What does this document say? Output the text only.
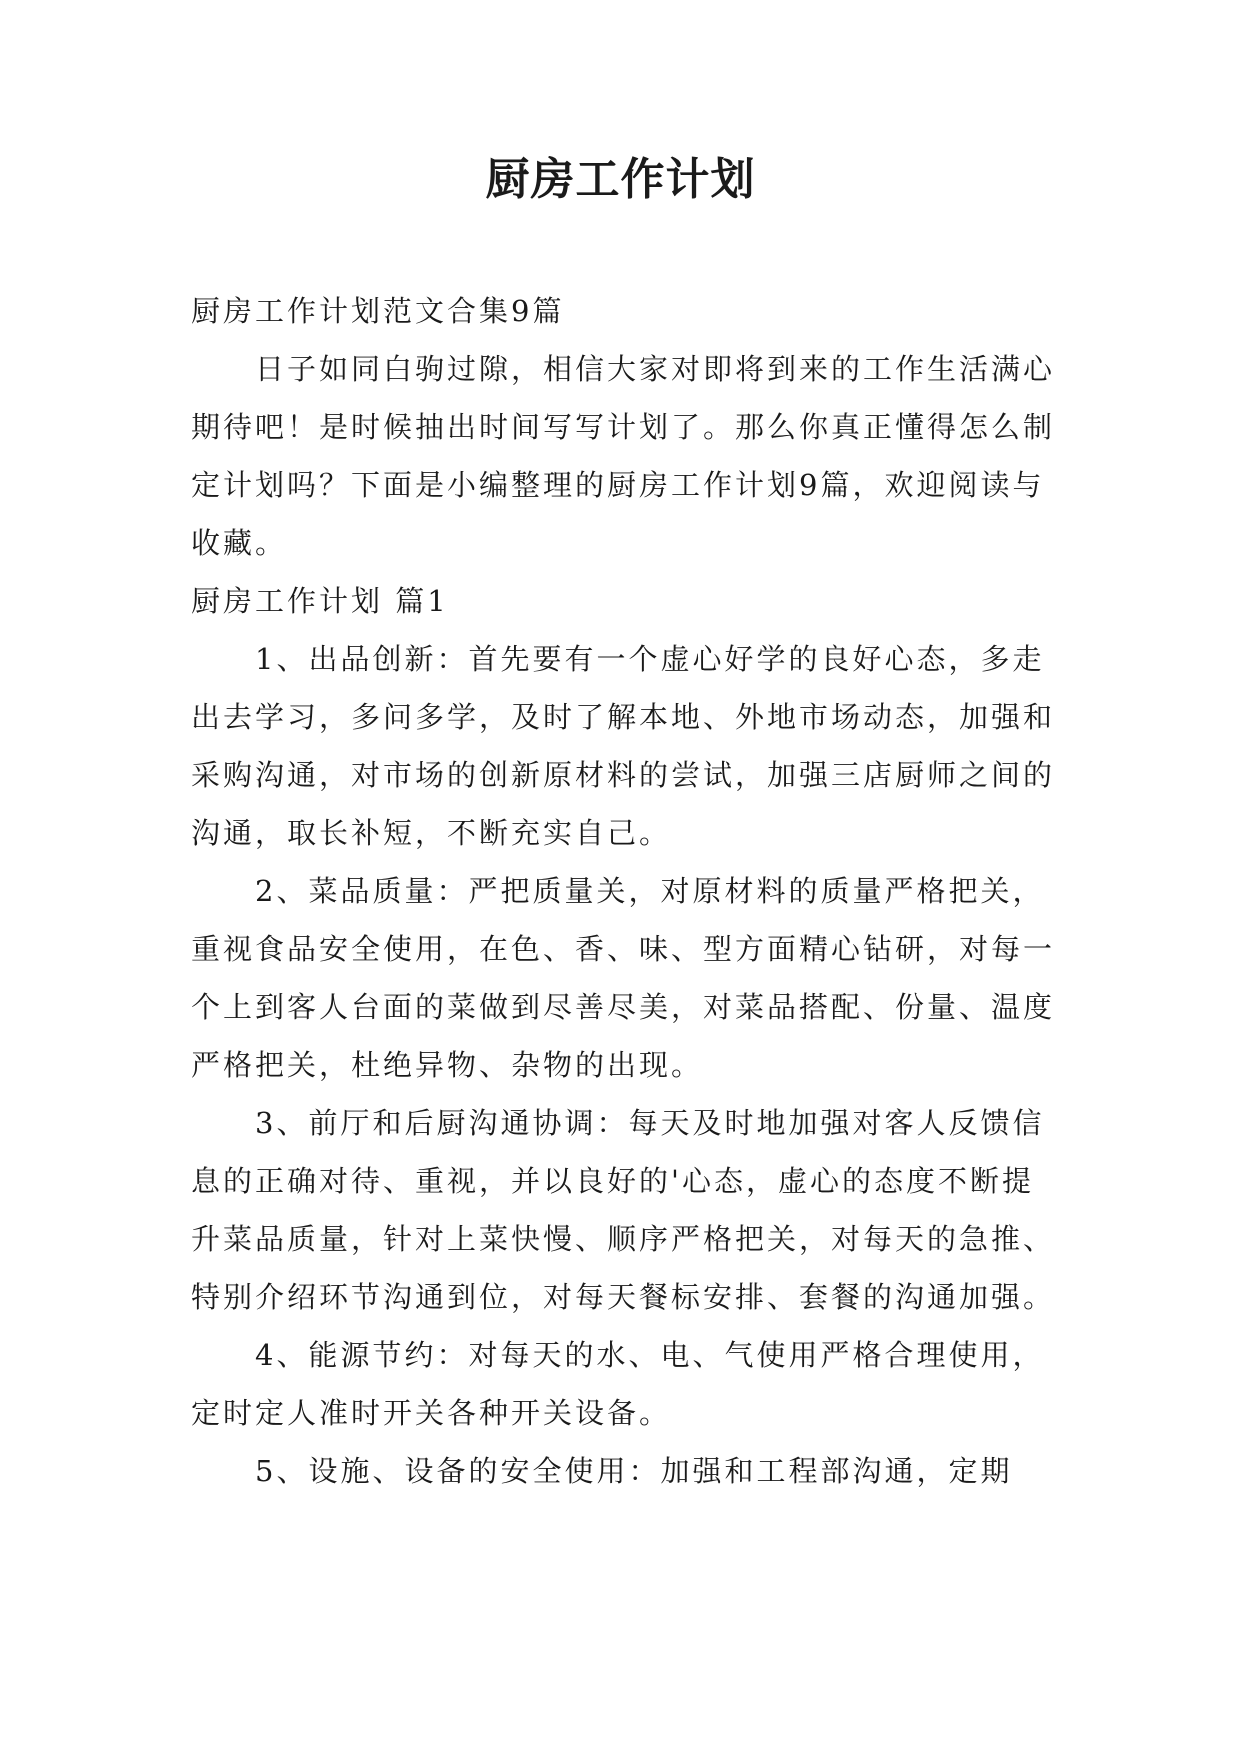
厨房工作计划

厨房工作计划范文合集9篇

日子如同白驹过隙，相信大家对即将到来的工作生活满心期待吧！是时候抽出时间写写计划了。那么你真正懂得怎么制定计划吗？下面是小编整理的厨房工作计划9篇，欢迎阅读与收藏。

厨房工作计划 篇1

1、出品创新：首先要有一个虚心好学的良好心态，多走出去学习，多问多学，及时了解本地、外地市场动态，加强和采购沟通，对市场的创新原材料的尝试，加强三店厨师之间的沟通，取长补短，不断充实自己。

2、菜品质量：严把质量关，对原材料的质量严格把关，重视食品安全使用，在色、香、味、型方面精心钻研，对每一个上到客人台面的菜做到尽善尽美，对菜品搭配、份量、温度严格把关，杜绝异物、杂物的出现。

3、前厅和后厨沟通协调：每天及时地加强对客人反馈信息的正确对待、重视，并以良好的'心态，虚心的态度不断提升菜品质量，针对上菜快慢、顺序严格把关，对每天的急推、特别介绍环节沟通到位，对每天餐标安排、套餐的沟通加强。

4、能源节约：对每天的水、电、气使用严格合理使用，定时定人准时开关各种开关设备。

5、设施、设备的安全使用：加强和工程部沟通，定期
